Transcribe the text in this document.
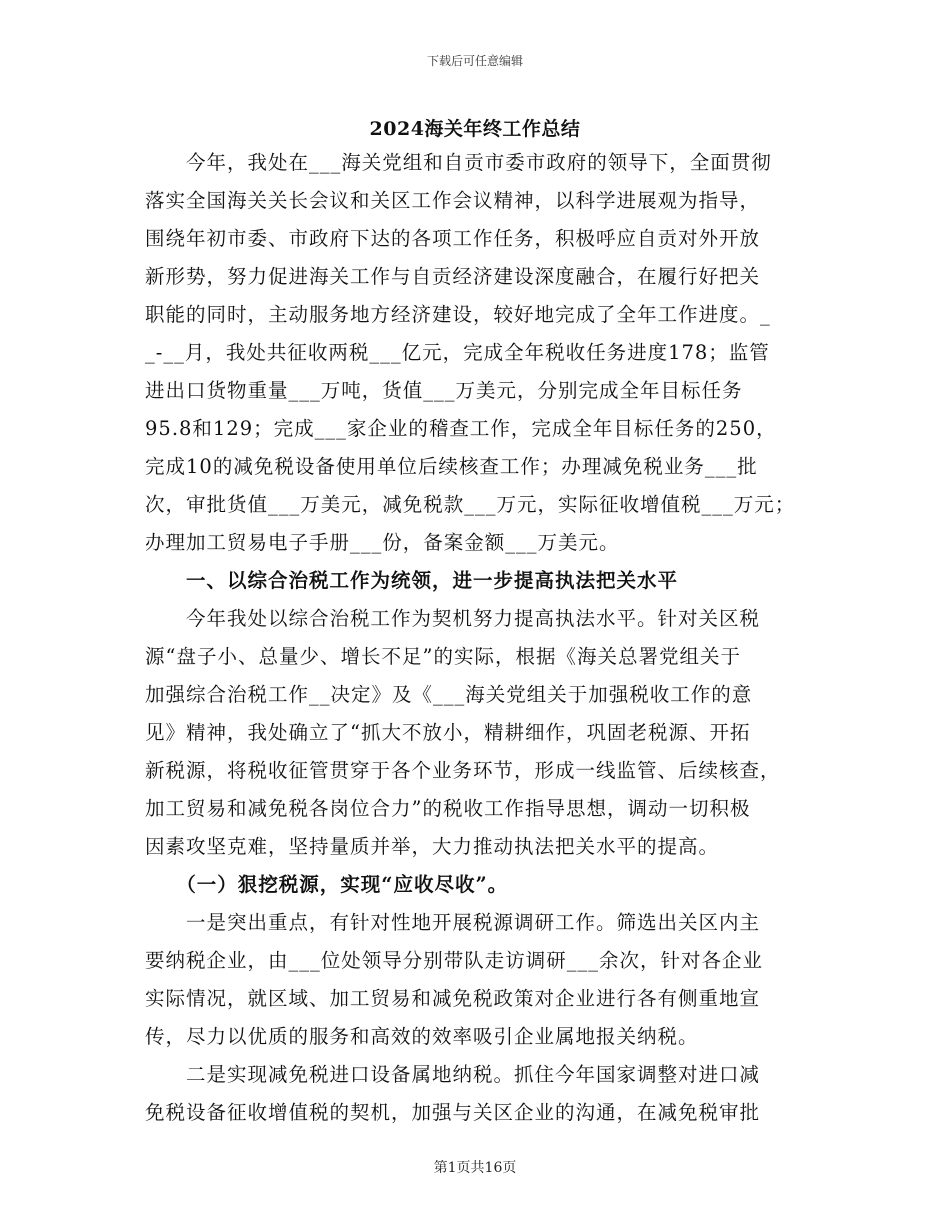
下载后可任意编辑
2024海关年终工作总结
　　今年，我处在___海关党组和自贡市委市政府的领导下，全面贯彻
落实全国海关关长会议和关区工作会议精神，以科学进展观为指导，
围绕年初市委、市政府下达的各项工作任务，积极呼应自贡对外开放
新形势，努力促进海关工作与自贡经济建设深度融合，在履行好把关
职能的同时，主动服务地方经济建设，较好地完成了全年工作进度。_
_-__月，我处共征收两税___亿元，完成全年税收任务进度178；监管
进出口货物重量___万吨，货值___万美元，分别完成全年目标任务
95.8和129；完成___家企业的稽查工作，完成全年目标任务的250，
完成10的减免税设备使用单位后续核查工作；办理减免税业务___批
次，审批货值___万美元，减免税款___万元，实际征收增值税___万元；
办理加工贸易电子手册___份，备案金额___万美元。
　　一、以综合治税工作为统领，进一步提高执法把关水平
　　今年我处以综合治税工作为契机努力提高执法水平。针对关区税
源“盘子小、总量少、增长不足”的实际，根据《海关总署党组关于
加强综合治税工作__决定》及《___海关党组关于加强税收工作的意
见》精神，我处确立了“抓大不放小，精耕细作，巩固老税源、开拓
新税源，将税收征管贯穿于各个业务环节，形成一线监管、后续核查，
加工贸易和减免税各岗位合力”的税收工作指导思想，调动一切积极
因素攻坚克难，坚持量质并举，大力推动执法把关水平的提高。
　　（一）狠挖税源，实现“应收尽收”。
　　一是突出重点，有针对性地开展税源调研工作。筛选出关区内主
要纳税企业，由___位处领导分别带队走访调研___余次，针对各企业
实际情况，就区域、加工贸易和减免税政策对企业进行各有侧重地宣
传，尽力以优质的服务和高效的效率吸引企业属地报关纳税。
　　二是实现减免税进口设备属地纳税。抓住今年国家调整对进口减
免税设备征收增值税的契机，加强与关区企业的沟通，在减免税审批
第1页共16页
